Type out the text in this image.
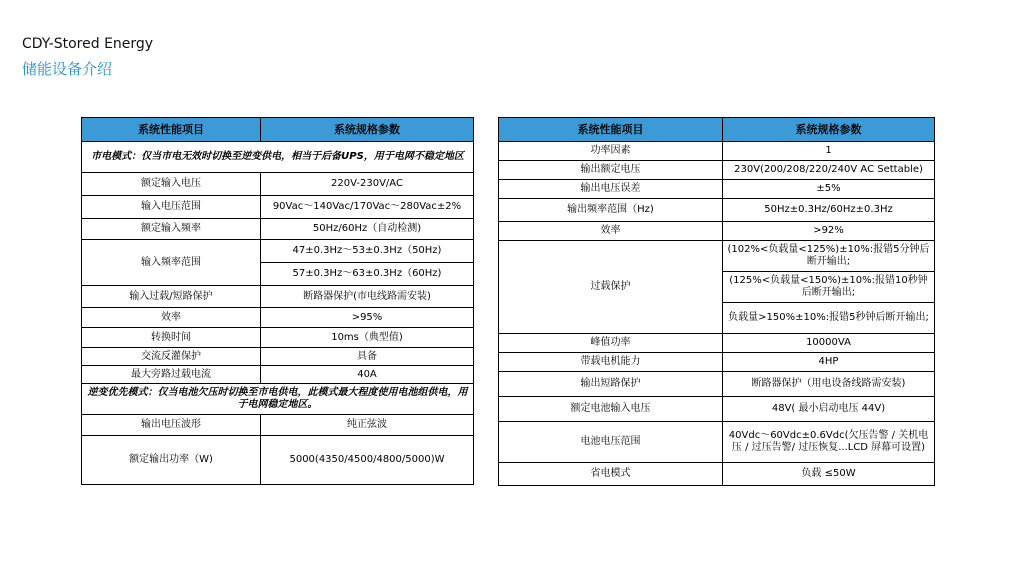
CDY-Stored Energy
储能设备介绍
系统性能项目	系统规格参数
市电模式：仅当市电无效时切换至逆变供电，相当于后备UPS，用于电网不稳定地区	
额定输入电压	220V-230V/AC
输入电压范围	90Vac～140Vac/170Vac～280Vac±2%
额定输入频率	50Hz/60Hz（自动检测)
输入频率范围	47±0.3Hz～53±0.3Hz（50Hz)
	57±0.3Hz～63±0.3Hz（60Hz)
输入过载/短路保护	断路器保护(市电线路需安装)
效率	>95%
转换时间	10ms（典型值)
交流反灌保护	具备
最大旁路过载电流	40A
逆变优先模式：仅当电池欠压时切换至市电供电，此模式最大程度使用电池组供电，用于电网稳定地区。	
输出电压波形	纯正弦波
额定输出功率（W)	5000(4350/4500/4800/5000)W
系统性能项目	系统规格参数
功率因素	1
输出额定电压	230V(200/208/220/240V AC Settable)
输出电压误差	±5%
输出频率范围（Hz)	50Hz±0.3Hz/60Hz±0.3Hz
效率	>92%
过载保护	(102%<负载量<125%)±10%:报错5分钟后断开输出;
	(125%<负载量<150%)±10%:报错10秒钟后断开输出;
	负载量>150%±10%:报错5秒钟后断开输出;
峰值功率	10000VA
带载电机能力	4HP
输出短路保护	断路器保护（用电设备线路需安装)
额定电池输入电压	48V( 最小启动电压 44V)
电池电压范围	40Vdc～60Vdc±0.6Vdc(欠压告警 / 关机电压 / 过压告警/ 过压恢复...LCD 屏幕可设置)
省电模式	负载 ≤50W
